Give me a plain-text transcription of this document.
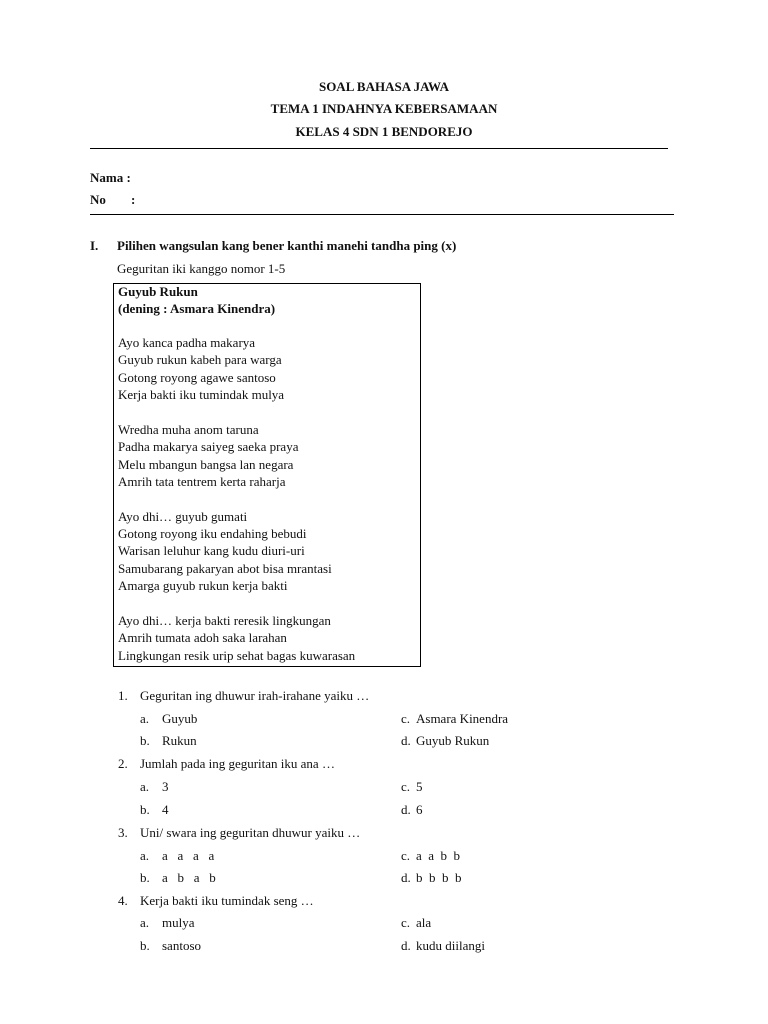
SOAL BAHASA JAWA
TEMA 1 INDAHNYA KEBERSAMAAN
KELAS 4 SDN 1 BENDOREJO
Nama :
No :
I. Pilihen wangsulan kang bener kanthi manehi tandha ping (x)
Geguritan iki kanggo nomor 1-5
Guyub Rukun
(dening : Asmara Kinendra)
Ayo kanca padha makarya
Guyub rukun kabeh para warga
Gotong royong agawe santoso
Kerja bakti iku tumindak mulya
Wredha muha anom taruna
Padha makarya saiyeg saeka praya
Melu mbangun bangsa lan negara
Amrih tata tentrem kerta raharja
Ayo dhi… guyub gumati
Gotong royong iku endahing bebudi
Warisan leluhur kang kudu diuri-uri
Samubarang pakaryan abot bisa mrantasi
Amarga guyub rukun kerja bakti
Ayo dhi… kerja bakti reresik lingkungan
Amrih tumata adoh saka larahan
Lingkungan resik urip sehat bagas kuwarasan
1. Geguritan ing dhuwur irah-irahane yaiku …
a. Guyub	c. Asmara Kinendra
b. Rukun	d. Guyub Rukun
2. Jumlah pada ing geguritan iku ana …
a. 3	c. 5
b. 4	d. 6
3. Uni/ swara ing geguritan dhuwur yaiku …
a. a   a   a   a	c. a  a  b  b
b. a   b   a   b	d. b  b  b  b
4. Kerja bakti iku tumindak seng …
a. mulya	c. ala
b. santoso	d. kudu diilangi
